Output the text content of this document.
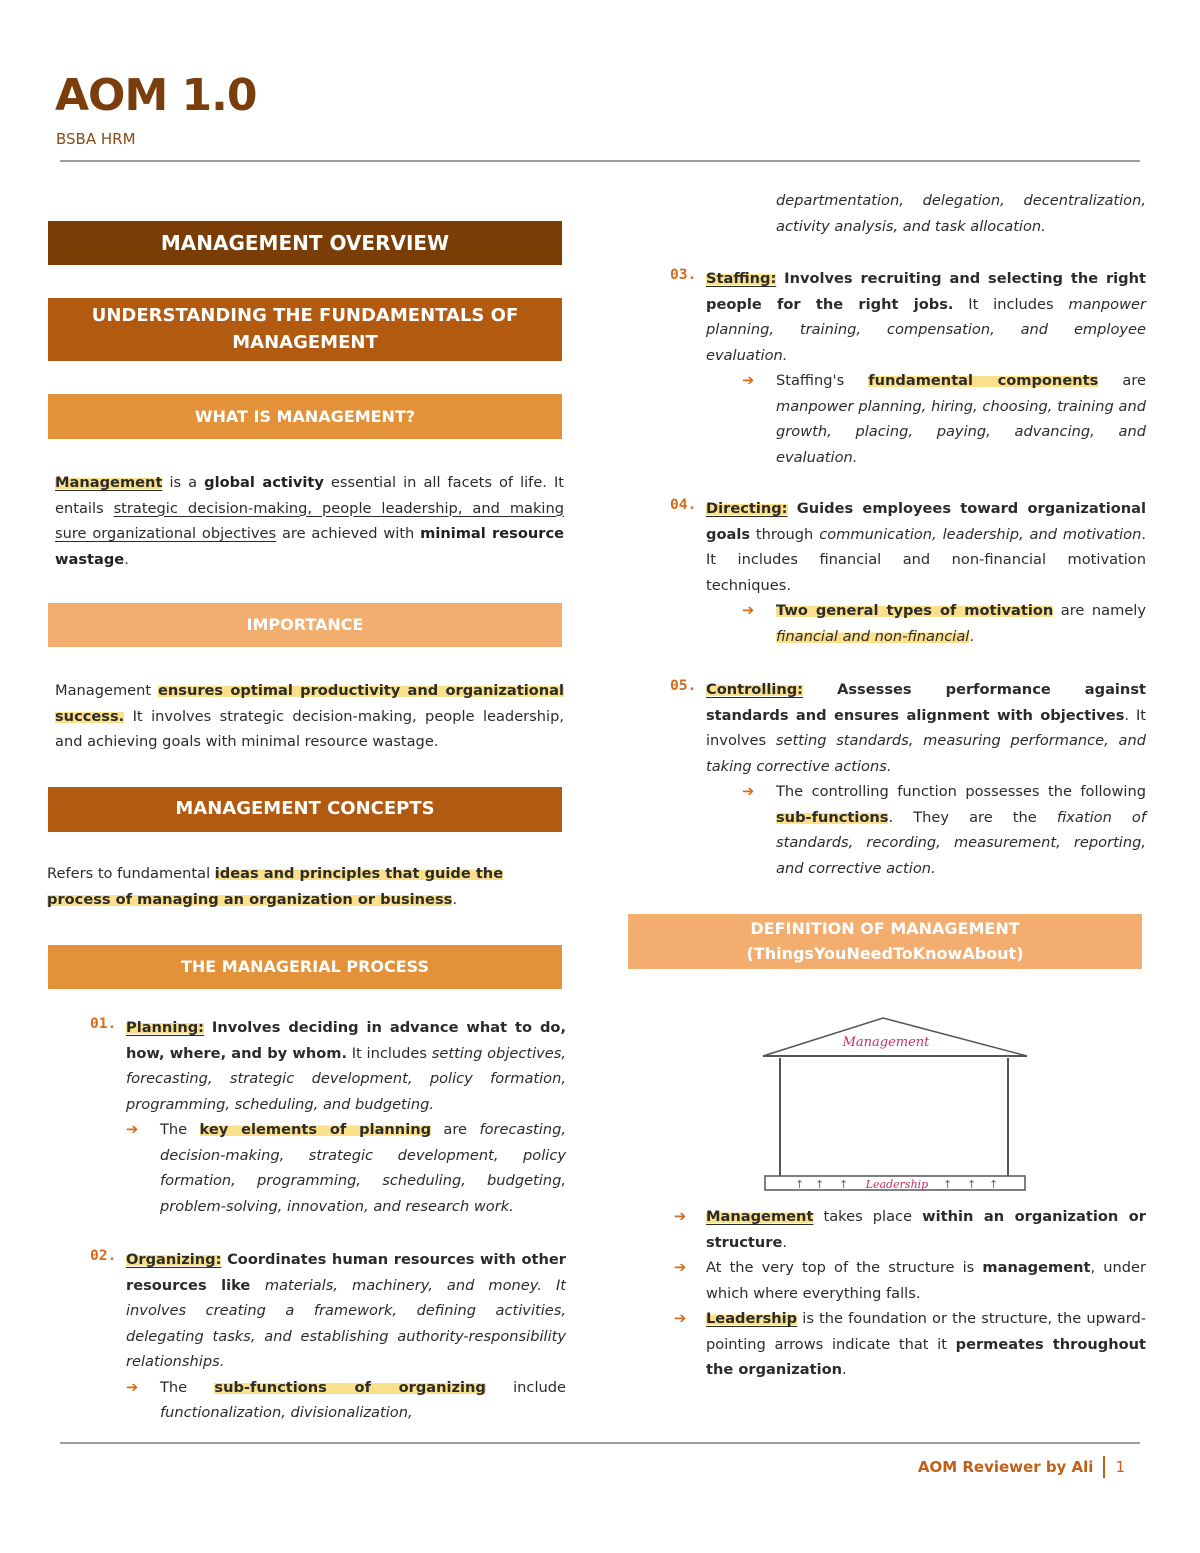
AOM 1.0
BSBA HRM
MANAGEMENT OVERVIEW
UNDERSTANDING THE FUNDAMENTALS OF MANAGEMENT
WHAT IS MANAGEMENT?
Management is a global activity essential in all facets of life. It entails strategic decision-making, people leadership, and making sure organizational objectives are achieved with minimal resource wastage.
IMPORTANCE
Management ensures optimal productivity and organizational success. It involves strategic decision-making, people leadership, and achieving goals with minimal resource wastage.
MANAGEMENT CONCEPTS
Refers to fundamental ideas and principles that guide the process of managing an organization or business.
THE MANAGERIAL PROCESS
01. Planning: Involves deciding in advance what to do, how, where, and by whom. It includes setting objectives, forecasting, strategic development, policy formation, programming, scheduling, and budgeting.
➔ The key elements of planning are forecasting, decision-making, strategic development, policy formation, programming, scheduling, budgeting, problem-solving, innovation, and research work.
02. Organizing: Coordinates human resources with other resources like materials, machinery, and money. It involves creating a framework, defining activities, delegating tasks, and establishing authority-responsibility relationships.
➔ The sub-functions of organizing include functionalization, divisionalization,
departmentation, delegation, decentralization, activity analysis, and task allocation.
03. Staffing: Involves recruiting and selecting the right people for the right jobs. It includes manpower planning, training, compensation, and employee evaluation.
➔ Staffing's fundamental components are manpower planning, hiring, choosing, training and growth, placing, paying, advancing, and evaluation.
04. Directing: Guides employees toward organizational goals through communication, leadership, and motivation. It includes financial and non-financial motivation techniques.
➔ Two general types of motivation are namely financial and non-financial.
05. Controlling: Assesses performance against standards and ensures alignment with objectives. It involves setting standards, measuring performance, and taking corrective actions.
➔ The controlling function possesses the following sub-functions. They are the fixation of standards, recording, measurement, reporting, and corrective action.
DEFINITION OF MANAGEMENT
(ThingsYouNeedToKnowAbout)
Management
↑ ↑ ↑ Leadership ↑ ↑ ↑
➔ Management takes place within an organization or structure.
➔ At the very top of the structure is management, under which where everything falls.
➔ Leadership is the foundation or the structure, the upward-pointing arrows indicate that it permeates throughout the organization.
AOM Reviewer by Ali 1
